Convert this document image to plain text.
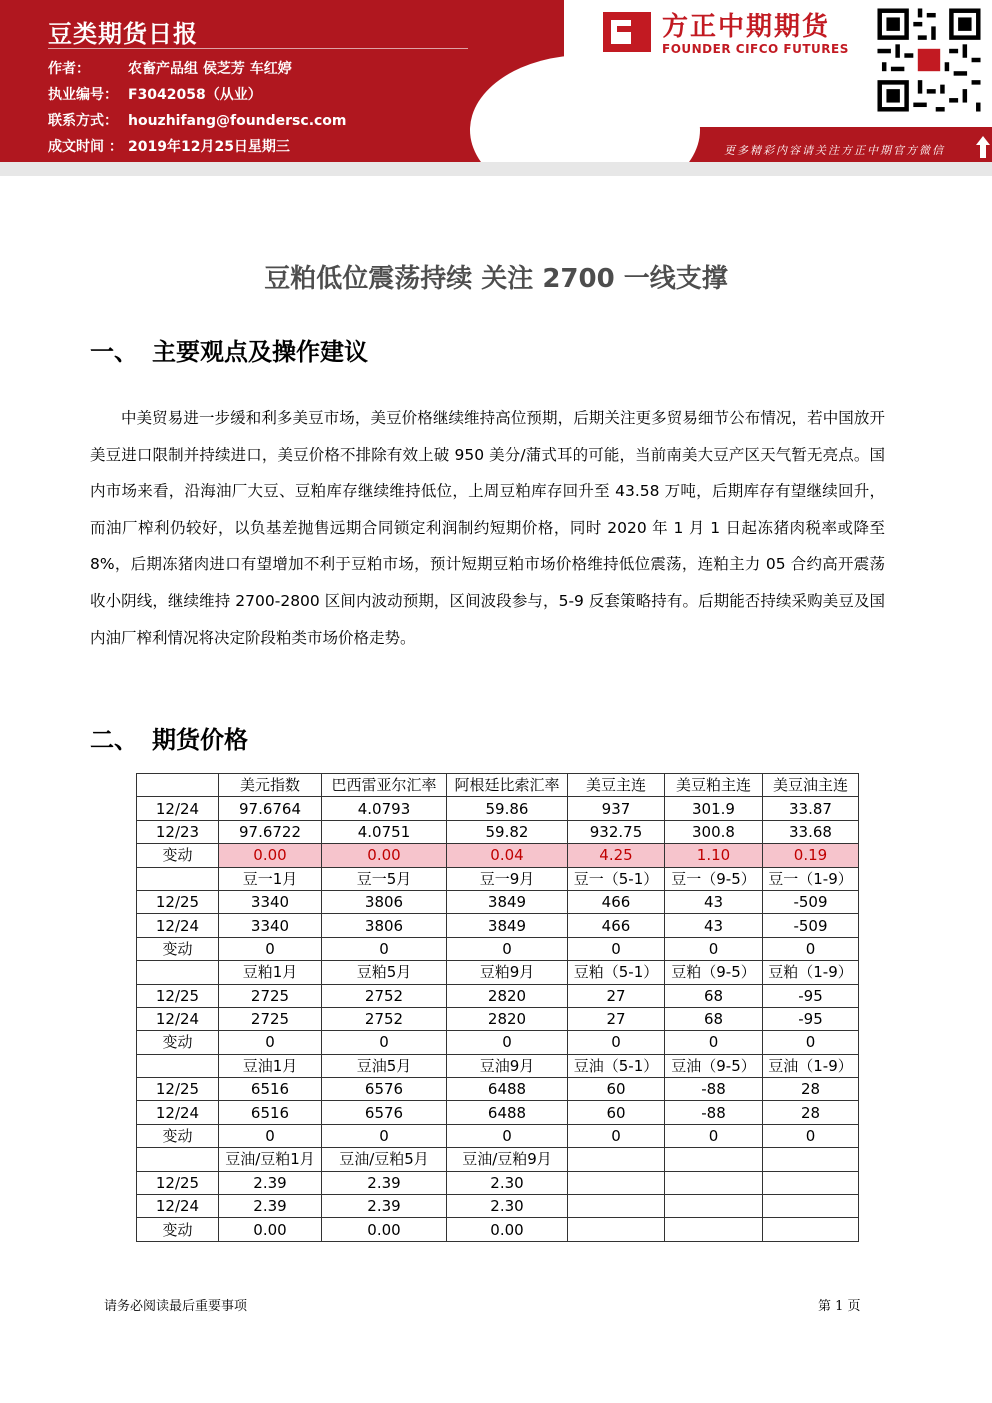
豆类期货日报
作者：	农畜产品组 侯芝芳 车红婷
执业编号： F3042058（从业）
联系方式： houzhifang@foundersc.com
成文时间 ： 2019年12月25日星期三
方正中期期货
FOUNDER CIFCO FUTURES
更多精彩内容请关注方正中期官方微信
豆粕低位震荡持续 关注 2700 一线支撑
一、 主要观点及操作建议
中美贸易进一步缓和利多美豆市场，美豆价格继续维持高位预期，后期关注更多贸易细节公布情况，若中国放开美豆进口限制并持续进口，美豆价格不排除有效上破 950 美分/蒲式耳的可能，当前南美大豆产区天气暂无亮点。国内市场来看，沿海油厂大豆、豆粕库存继续维持低位，上周豆粕库存回升至 43.58 万吨，后期库存有望继续回升，而油厂榨利仍较好，以负基差抛售远期合同锁定利润制约短期价格，同时 2020 年 1 月 1 日起冻猪肉税率或降至 8%，后期冻猪肉进口有望增加不利于豆粕市场，预计短期豆粕市场价格维持低位震荡，连粕主力 05 合约高开震荡收小阴线，继续维持 2700-2800 区间内波动预期，区间波段参与，5-9 反套策略持有。后期能否持续采购美豆及国内油厂榨利情况将决定阶段粕类市场价格走势。
二、 期货价格
	美元指数	巴西雷亚尔汇率	阿根廷比索汇率	美豆主连	美豆粕主连	美豆油主连
12/24	97.6764	4.0793	59.86	937	301.9	33.87
12/23	97.6722	4.0751	59.82	932.75	300.8	33.68
变动	0.00	0.00	0.04	4.25	1.10	0.19
	豆一1月	豆一5月	豆一9月	豆一（5-1）	豆一（9-5）	豆一（1-9）
12/25	3340	3806	3849	466	43	-509
12/24	3340	3806	3849	466	43	-509
变动	0	0	0	0	0	0
	豆粕1月	豆粕5月	豆粕9月	豆粕（5-1）	豆粕（9-5）	豆粕（1-9）
12/25	2725	2752	2820	27	68	-95
12/24	2725	2752	2820	27	68	-95
变动	0	0	0	0	0	0
	豆油1月	豆油5月	豆油9月	豆油（5-1）	豆油（9-5）	豆油（1-9）
12/25	6516	6576	6488	60	-88	28
12/24	6516	6576	6488	60	-88	28
变动	0	0	0	0	0	0
	豆油/豆粕1月	豆油/豆粕5月	豆油/豆粕9月			
12/25	2.39	2.39	2.30			
12/24	2.39	2.39	2.30			
变动	0.00	0.00	0.00			
请务必阅读最后重要事项	第 1 页
